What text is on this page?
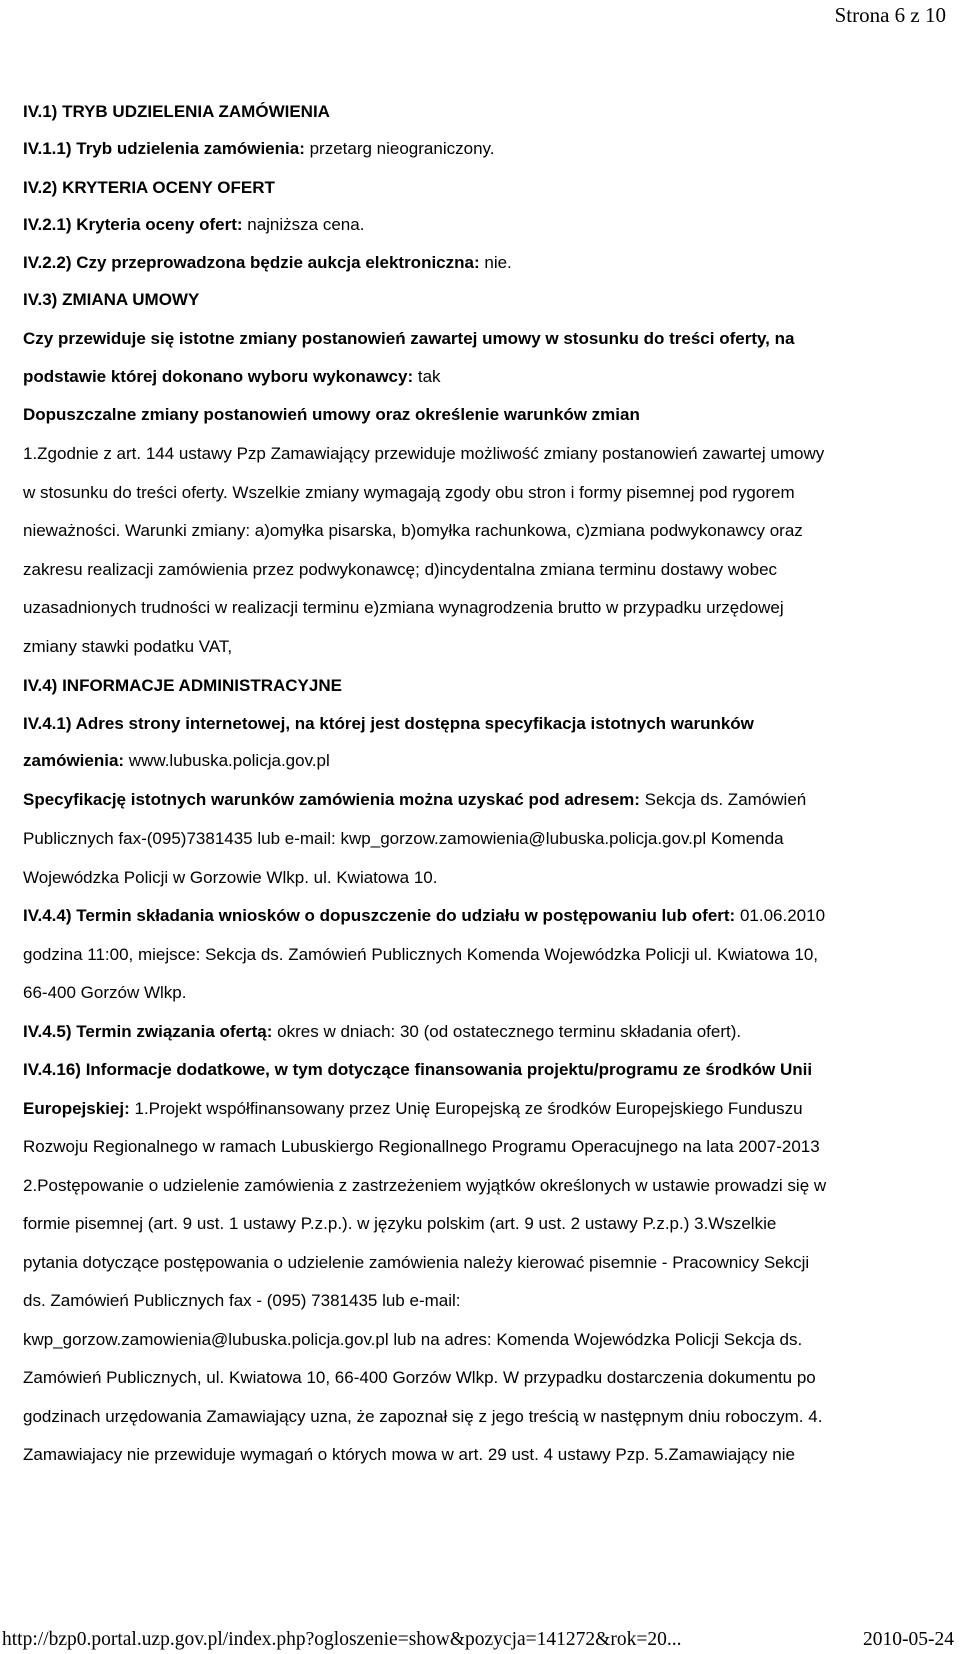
Strona 6 z 10
IV.1) TRYB UDZIELENIA ZAMÓWIENIA
IV.1.1) Tryb udzielenia zamówienia: przetarg nieograniczony.
IV.2) KRYTERIA OCENY OFERT
IV.2.1) Kryteria oceny ofert: najniższa cena.
IV.2.2) Czy przeprowadzona będzie aukcja elektroniczna: nie.
IV.3) ZMIANA UMOWY
Czy przewiduje się istotne zmiany postanowień zawartej umowy w stosunku do treści oferty, na
podstawie której dokonano wyboru wykonawcy: tak
Dopuszczalne zmiany postanowień umowy oraz określenie warunków zmian
1.Zgodnie z art. 144 ustawy Pzp Zamawiający przewiduje możliwość zmiany postanowień zawartej umowy
w stosunku do treści oferty. Wszelkie zmiany wymagają zgody obu stron i formy pisemnej pod rygorem
nieważności. Warunki zmiany: a)omyłka pisarska, b)omyłka rachunkowa, c)zmiana podwykonawcy oraz
zakresu realizacji zamówienia przez podwykonawcę; d)incydentalna zmiana terminu dostawy wobec
uzasadnionych trudności w realizacji terminu e)zmiana wynagrodzenia brutto w przypadku urzędowej
zmiany stawki podatku VAT,
IV.4) INFORMACJE ADMINISTRACYJNE
IV.4.1) Adres strony internetowej, na której jest dostępna specyfikacja istotnych warunków
zamówienia: www.lubuska.policja.gov.pl
Specyfikację istotnych warunków zamówienia można uzyskać pod adresem: Sekcja ds. Zamówień
Publicznych fax-(095)7381435 lub e-mail: kwp_gorzow.zamowienia@lubuska.policja.gov.pl Komenda
Wojewódzka Policji w Gorzowie Wlkp. ul. Kwiatowa 10.
IV.4.4) Termin składania wniosków o dopuszczenie do udziału w postępowaniu lub ofert: 01.06.2010
godzina 11:00, miejsce: Sekcja ds. Zamówień Publicznych Komenda Wojewódzka Policji ul. Kwiatowa 10,
66-400 Gorzów Wlkp.
IV.4.5) Termin związania ofertą: okres w dniach: 30 (od ostatecznego terminu składania ofert).
IV.4.16) Informacje dodatkowe, w tym dotyczące finansowania projektu/programu ze środków Unii
Europejskiej: 1.Projekt współfinansowany przez Unię Europejską ze środków Europejskiego Funduszu
Rozwoju Regionalnego w ramach Lubuskiergo Regionallnego Programu Operacujnego na lata 2007-2013
2.Postępowanie o udzielenie zamówienia z zastrzeżeniem wyjątków określonych w ustawie prowadzi się w
formie pisemnej (art. 9 ust. 1 ustawy P.z.p.). w języku polskim (art. 9 ust. 2 ustawy P.z.p.) 3.Wszelkie
pytania dotyczące postępowania o udzielenie zamówienia należy kierować pisemnie - Pracownicy Sekcji
ds. Zamówień Publicznych fax - (095) 7381435 lub e-mail:
kwp_gorzow.zamowienia@lubuska.policja.gov.pl lub na adres: Komenda Wojewódzka Policji Sekcja ds.
Zamówień Publicznych, ul. Kwiatowa 10, 66-400 Gorzów Wlkp. W przypadku dostarczenia dokumentu po
godzinach urzędowania Zamawiający uzna, że zapoznał się z jego treścią w następnym dniu roboczym. 4.
Zamawiajacy nie przewiduje wymagań o których mowa w art. 29 ust. 4 ustawy Pzp. 5.Zamawiający nie
http://bzp0.portal.uzp.gov.pl/index.php?ogloszenie=show&pozycja=141272&rok=20...	2010-05-24
